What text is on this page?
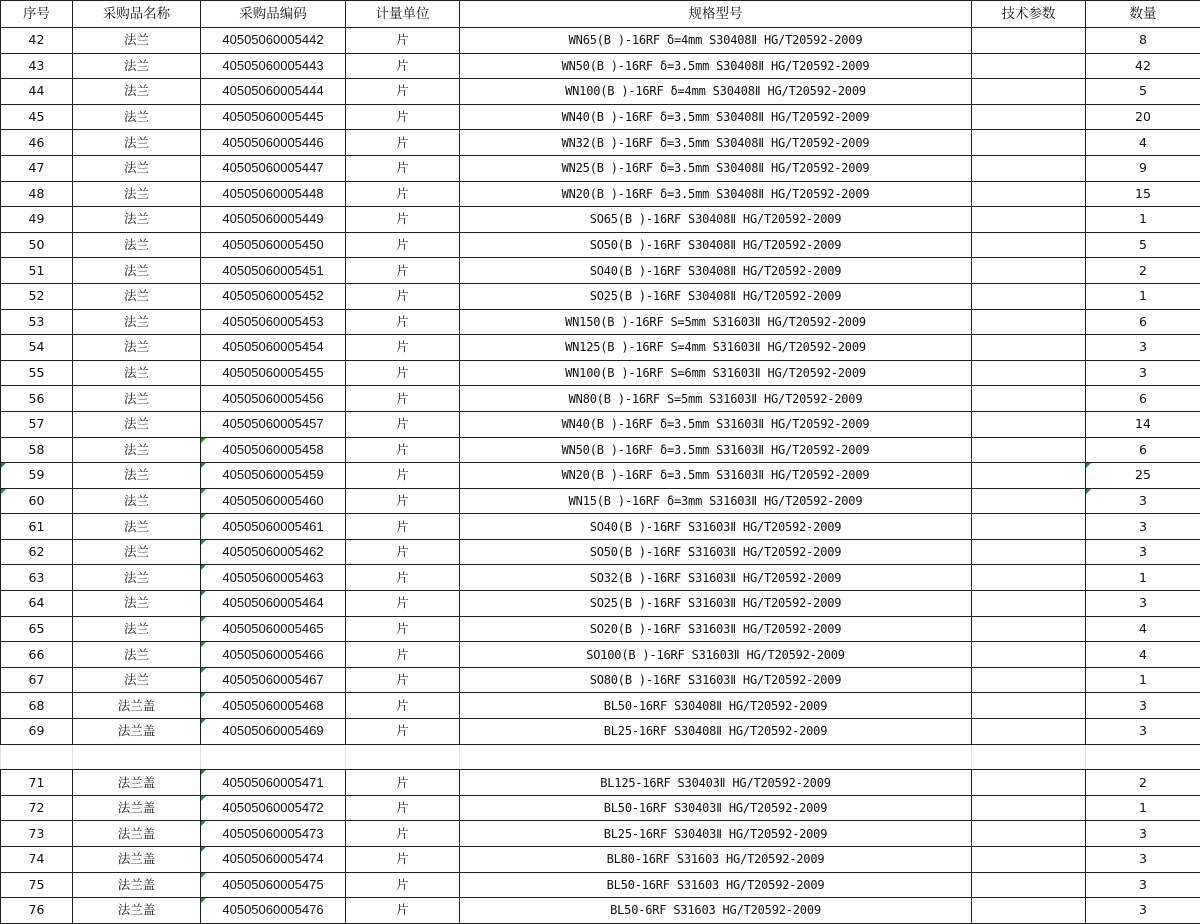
序号	采购品名称	采购品编码	计量单位	规格型号	技术参数	数量
42	法兰	40505060005442	片	WN65(B )-16RF δ=4mm S30408Ⅱ HG/T20592-2009		8
43	法兰	40505060005443	片	WN50(B )-16RF δ=3.5mm S30408Ⅱ HG/T20592-2009		42
44	法兰	40505060005444	片	WN100(B )-16RF δ=4mm S30408Ⅱ HG/T20592-2009		5
45	法兰	40505060005445	片	WN40(B )-16RF δ=3.5mm S30408Ⅱ HG/T20592-2009		20
46	法兰	40505060005446	片	WN32(B )-16RF δ=3.5mm S30408Ⅱ HG/T20592-2009		4
47	法兰	40505060005447	片	WN25(B )-16RF δ=3.5mm S30408Ⅱ HG/T20592-2009		9
48	法兰	40505060005448	片	WN20(B )-16RF δ=3.5mm S30408Ⅱ HG/T20592-2009		15
49	法兰	40505060005449	片	SO65(B )-16RF S30408Ⅱ HG/T20592-2009		1
50	法兰	40505060005450	片	SO50(B )-16RF S30408Ⅱ HG/T20592-2009		5
51	法兰	40505060005451	片	SO40(B )-16RF S30408Ⅱ HG/T20592-2009		2
52	法兰	40505060005452	片	SO25(B )-16RF S30408Ⅱ HG/T20592-2009		1
53	法兰	40505060005453	片	WN150(B )-16RF S=5mm S31603Ⅱ HG/T20592-2009		6
54	法兰	40505060005454	片	WN125(B )-16RF S=4mm S31603Ⅱ HG/T20592-2009		3
55	法兰	40505060005455	片	WN100(B )-16RF S=6mm S31603Ⅱ HG/T20592-2009		3
56	法兰	40505060005456	片	WN80(B )-16RF S=5mm S31603Ⅱ HG/T20592-2009		6
57	法兰	40505060005457	片	WN40(B )-16RF δ=3.5mm S31603Ⅱ HG/T20592-2009		14
58	法兰	40505060005458	片	WN50(B )-16RF δ=3.5mm S31603Ⅱ HG/T20592-2009		6
59	法兰	40505060005459	片	WN20(B )-16RF δ=3.5mm S31603Ⅱ HG/T20592-2009		25
60	法兰	40505060005460	片	WN15(B )-16RF δ=3mm S31603Ⅱ HG/T20592-2009		3
61	法兰	40505060005461	片	SO40(B )-16RF S31603Ⅱ HG/T20592-2009		3
62	法兰	40505060005462	片	SO50(B )-16RF S31603Ⅱ HG/T20592-2009		3
63	法兰	40505060005463	片	SO32(B )-16RF S31603Ⅱ HG/T20592-2009		1
64	法兰	40505060005464	片	SO25(B )-16RF S31603Ⅱ HG/T20592-2009		3
65	法兰	40505060005465	片	SO20(B )-16RF S31603Ⅱ HG/T20592-2009		4
66	法兰	40505060005466	片	SO100(B )-16RF S31603Ⅱ HG/T20592-2009		4
67	法兰	40505060005467	片	SO80(B )-16RF S31603Ⅱ HG/T20592-2009		1
68	法兰盖	40505060005468	片	BL50-16RF S30408Ⅱ HG/T20592-2009		3
69	法兰盖	40505060005469	片	BL25-16RF S30408Ⅱ HG/T20592-2009		3

71	法兰盖	40505060005471	片	BL125-16RF S30403Ⅱ HG/T20592-2009		2
72	法兰盖	40505060005472	片	BL50-16RF S30403Ⅱ HG/T20592-2009		1
73	法兰盖	40505060005473	片	BL25-16RF S30403Ⅱ HG/T20592-2009		3
74	法兰盖	40505060005474	片	BL80-16RF S31603 HG/T20592-2009		3
75	法兰盖	40505060005475	片	BL50-16RF S31603 HG/T20592-2009		3
76	法兰盖	40505060005476	片	BL50-6RF S31603 HG/T20592-2009		3
